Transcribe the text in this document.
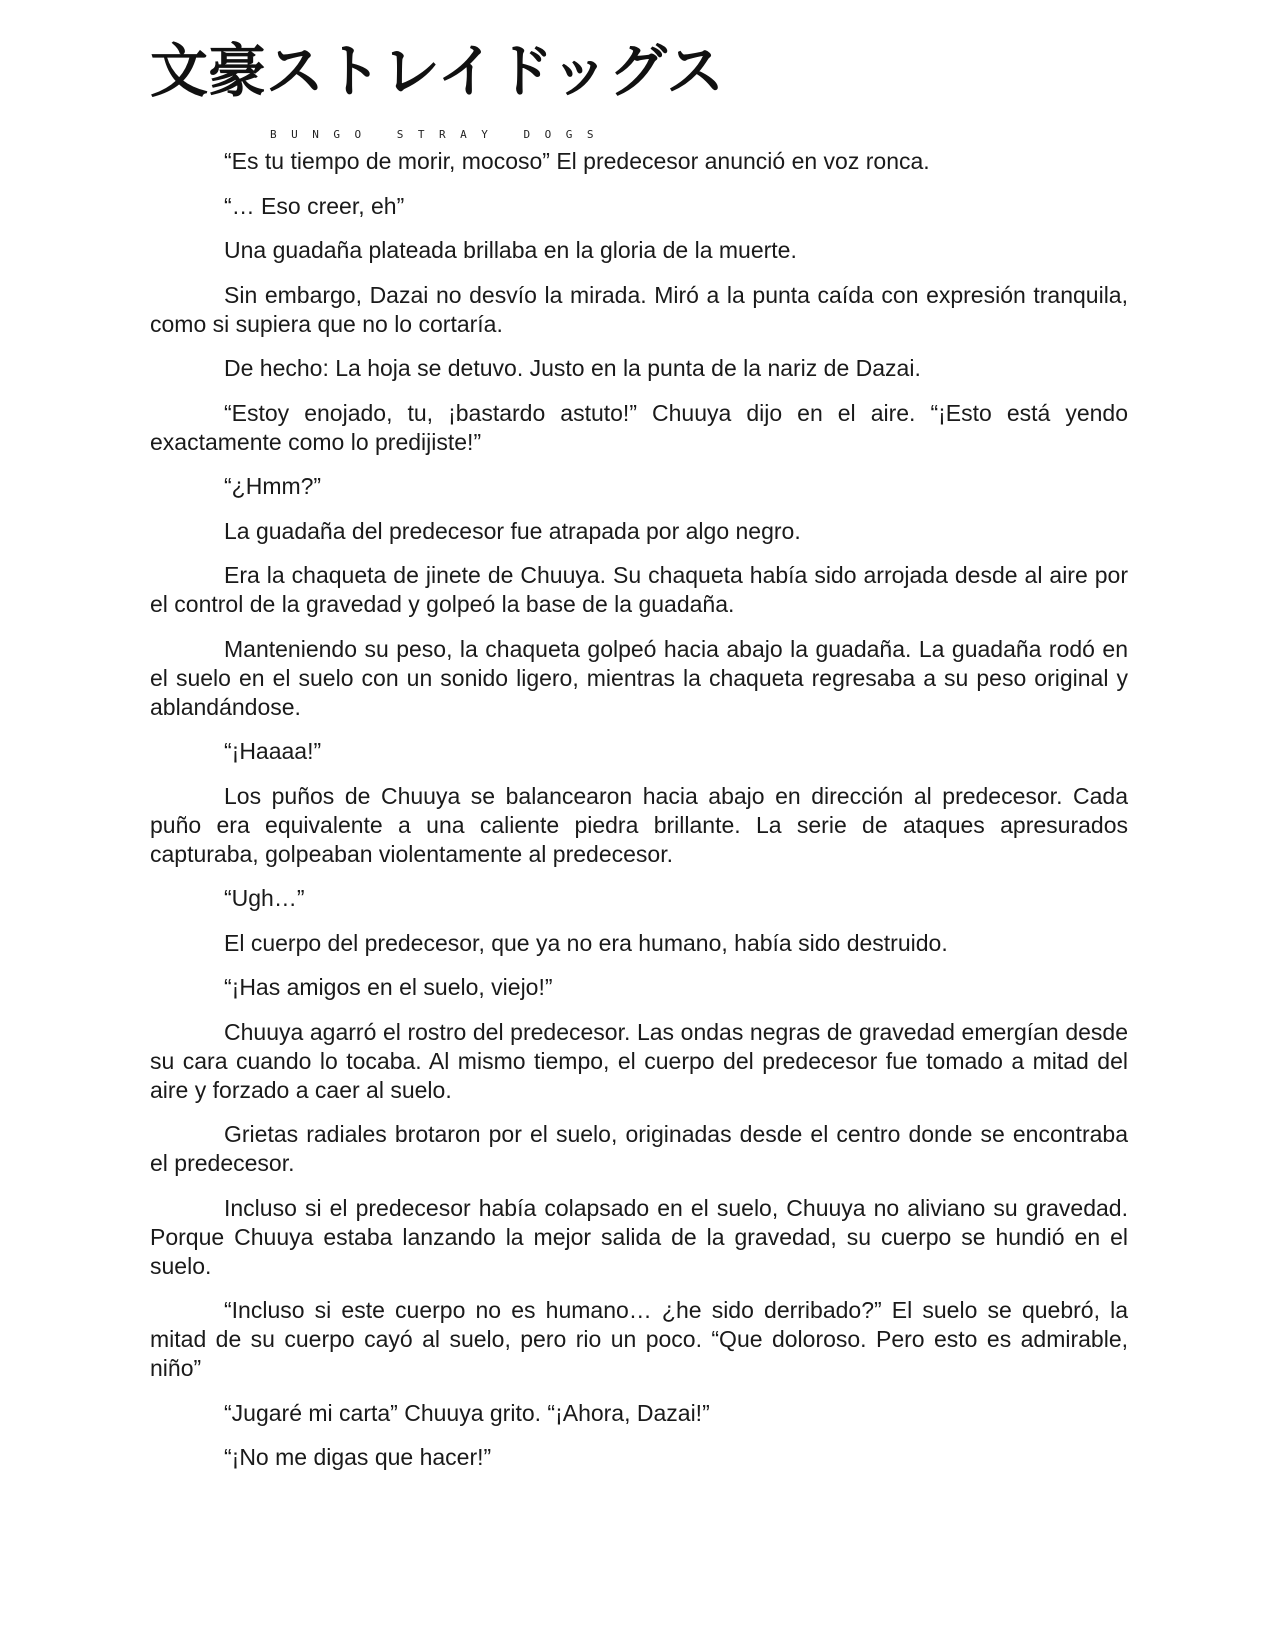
文豪ストレイドッグス
BUNGO STRAY DOGS

“Es tu tiempo de morir, mocoso” El predecesor anunció en voz ronca.

“… Eso creer, eh”

Una guadaña plateada brillaba en la gloria de la muerte.

Sin embargo, Dazai no desvío la mirada. Miró a la punta caída con expresión tranquila, como si supiera que no lo cortaría.

De hecho: La hoja se detuvo. Justo en la punta de la nariz de Dazai.

“Estoy enojado, tu, ¡bastardo astuto!” Chuuya dijo en el aire. “¡Esto está yendo exactamente como lo predijiste!”

“¿Hmm?”

La guadaña del predecesor fue atrapada por algo negro.

Era la chaqueta de jinete de Chuuya. Su chaqueta había sido arrojada desde al aire por el control de la gravedad y golpeó la base de la guadaña.

Manteniendo su peso, la chaqueta golpeó hacia abajo la guadaña. La guadaña rodó en el suelo en el suelo con un sonido ligero, mientras la chaqueta regresaba a su peso original y ablandándose.

“¡Haaaa!”

Los puños de Chuuya se balancearon hacia abajo en dirección al predecesor. Cada puño era equivalente a una caliente piedra brillante. La serie de ataques apresurados capturaba, golpeaban violentamente al predecesor.

“Ugh…”

El cuerpo del predecesor, que ya no era humano, había sido destruido.

“¡Has amigos en el suelo, viejo!”

Chuuya agarró el rostro del predecesor. Las ondas negras de gravedad emergían desde su cara cuando lo tocaba. Al mismo tiempo, el cuerpo del predecesor fue tomado a mitad del aire y forzado a caer al suelo.

Grietas radiales brotaron por el suelo, originadas desde el centro donde se encontraba el predecesor.

Incluso si el predecesor había colapsado en el suelo, Chuuya no aliviano su gravedad. Porque Chuuya estaba lanzando la mejor salida de la gravedad, su cuerpo se hundió en el suelo.

“Incluso si este cuerpo no es humano… ¿he sido derribado?” El suelo se quebró, la mitad de su cuerpo cayó al suelo, pero rio un poco. “Que doloroso. Pero esto es admirable, niño”

“Jugaré mi carta” Chuuya grito. “¡Ahora, Dazai!”

“¡No me digas que hacer!”
